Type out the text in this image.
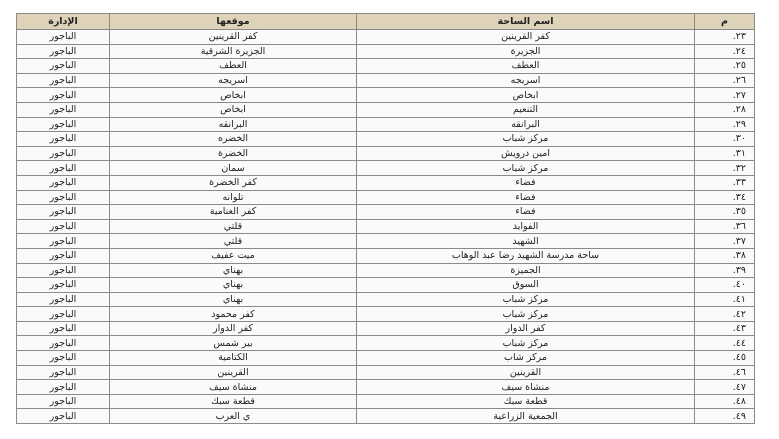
م	اسم الساحة	موقعها	الإدارة
٢٣.	كفر القرينين	كفر القرينين	الباجور
٢٤.	الجزيرة	الجزيرة الشرقية	الباجور
٢٥.	العطف	العطف	الباجور
٢٦.	اسريجه	اسريجه	الباجور
٢٧.	ابخاص	ابخاص	الباجور
٢٨.	التنعيم	ابخاص	الباجور
٢٩.	البرانقه	البرانقه	الباجور
٣٠.	مركز شباب	الخضره	الباجور
٣١.	امين درويش	الخضرة	الباجور
٣٢.	مركز شباب	سمان	الباجور
٣٣.	فضاء	كفر الخضرة	الباجور
٣٤.	فضاء	تلوانه	الباجور
٣٥.	فضاء	كفر الغنامية	الباجور
٣٦.	الفوايد	قلتي	الباجور
٣٧.	الشهيد	قلتي	الباجور
٣٨.	ساحة مدرسة الشهيد رضا عبد الوهاب	ميت عفيف	الباجور
٣٩.	الجميزة	بهناي	الباجور
٤٠.	السوق	بهناي	الباجور
٤١.	مركز شباب	بهناي	الباجور
٤٢.	مركز شباب	كفر محمود	الباجور
٤٣.	كفر الدوار	كفر الدوار	الباجور
٤٤.	مركز شباب	بير شمس	الباجور
٤٥.	مركز شاب	الكتامية	الباجور
٤٦.	القرينين	القرينين	الباجور
٤٧.	منشاة سيف	منشاة سيف	الباجور
٤٨.	قطعة سبك	قطعة سبك	الباجور
٤٩.	الجمعية الزراعية	ي العرب	الباجور
